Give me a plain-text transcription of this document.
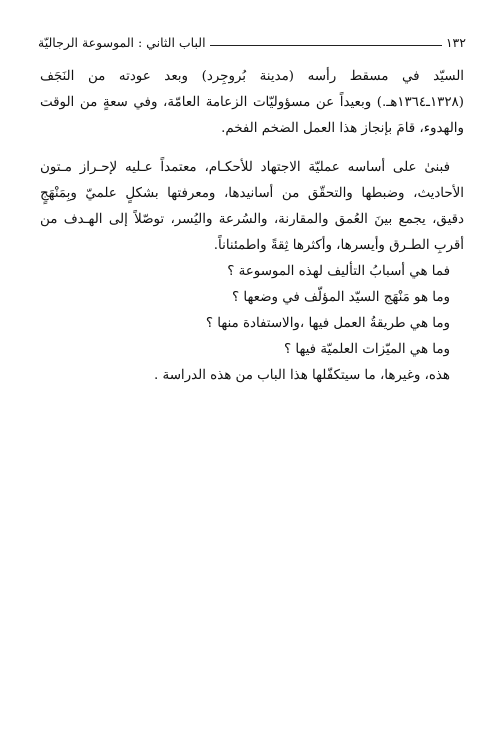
١٣٢
الباب الثاني : الموسوعة الرجاليّة

السيّد في مسقط رأسه (مدينة بُروجِرد) وبعد عودته من النَجَف (١٣٢٨ـ١٣٦٤هـ.) وبعيداً عن مسؤوليّات الزعامة العامّة، وفي سعةٍ من الوقت والهدوء، قامَ بإنجاز هذا العمل الضخم الفخم.

فبنىٰ على أساسه عمليّة الاجتهاد للأحكـام، معتمداً عـليه لإحـراز مـتون الأحاديث، وضبطها والتحقّق من أسانيدها، ومعرفتها بشكلٍ علميّ وبِمَنْهَجٍ دقيق، يجمع بينَ العُمق والمقارنة، والسُرعة واليُسر، توصّلاً إلى الهـدف من أقربِ الطـرق وأيسرها، وأكثرها ثِقةً واطمئناناً.

فما هي أسبابُ التأليف لهذه الموسوعة ؟

وما هو مَنْهَج السيّد المؤلّف في وضعها ؟

وما هي طريقةُ العمل فيها ،والاستفادة منها ؟

وما هي الميّزات العلميّة فيها ؟

هذه، وغيرها، ما سيتكفّلها هذا الباب من هذه الدراسة .
